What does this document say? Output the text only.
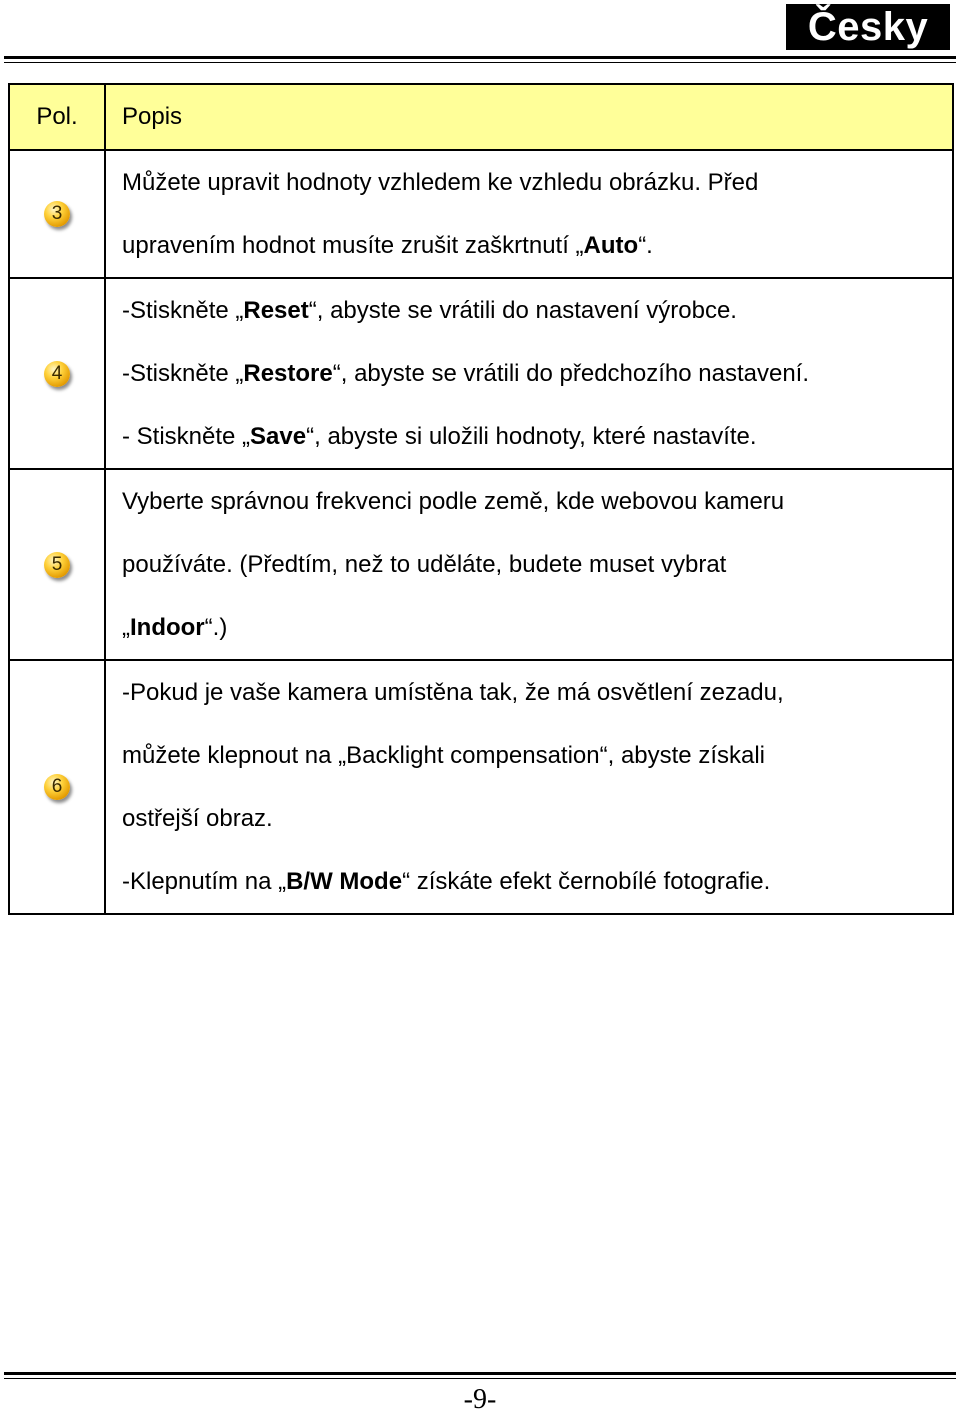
Česky
Pol.	Popis
3	Můžete upravit hodnoty vzhledem ke vzhledu obrázku. Před
upravením hodnot musíte zrušit zaškrtnutí „Auto“.

4	-Stiskněte „Reset“, abyste se vrátili do nastavení výrobce.
-Stiskněte „Restore“, abyste se vrátili do předchozího nastavení.
- Stiskněte „Save“, abyste si uložili hodnoty, které nastavíte.

5	Vyberte správnou frekvenci podle země, kde webovou kameru
používáte. (Předtím, než to uděláte, budete muset vybrat
„Indoor“.)

6	-Pokud je vaše kamera umístěna tak, že má osvětlení zezadu,
můžete klepnout na „Backlight compensation“, abyste získali
ostřejší obraz.
-Klepnutím na „B/W Mode“ získáte efekt černobílé fotografie.
-9-
